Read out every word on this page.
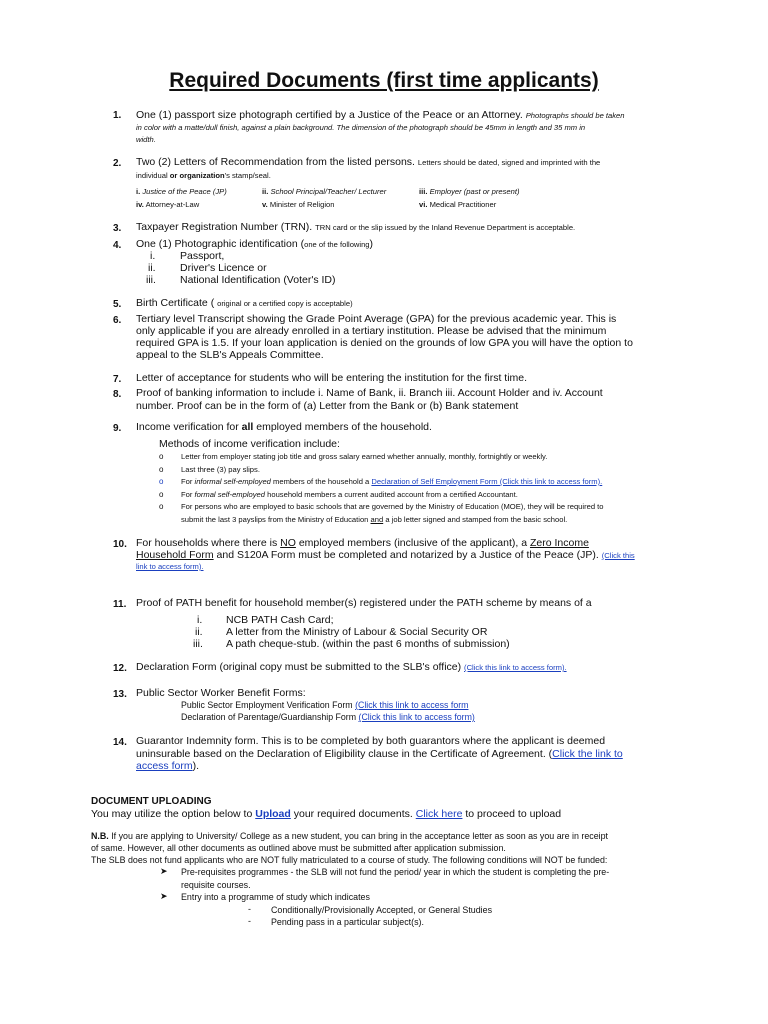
Required Documents (first time applicants)
1. One (1) passport size photograph certified by a Justice of the Peace or an Attorney. Photographs should be taken
in color with a matte/dull finish, against a plain background. The dimension of the photograph should be 45mm in length and 35 mm in
width.
2. Two (2) Letters of Recommendation from the listed persons. Letters should be dated, signed and imprinted with the
individual or organization's stamp/seal.
i. Justice of the Peace (JP)	ii. School Principal/Teacher/ Lecturer	iii. Employer (past or present)
iv. Attorney-at-Law	v. Minister of Religion	vi. Medical Practitioner
3. Taxpayer Registration Number (TRN). TRN card or the slip issued by the Inland Revenue Department is acceptable.
4. One (1) Photographic identification (one of the following)
i. Passport,
ii. Driver's Licence or
iii. National Identification (Voter's ID)
5. Birth Certificate ( original or a certified copy is acceptable)
6. Tertiary level Transcript showing the Grade Point Average (GPA) for the previous academic year. This is
only applicable if you are already enrolled in a tertiary institution. Please be advised that the minimum
required GPA is 1.5. If your loan application is denied on the grounds of low GPA you will have the option to
appeal to the SLB's Appeals Committee.
7. Letter of acceptance for students who will be entering the institution for the first time.
8. Proof of banking information to include i. Name of Bank, ii. Branch iii. Account Holder and iv. Account
number. Proof can be in the form of (a) Letter from the Bank or (b) Bank statement
9. Income verification for all employed members of the household.
Methods of income verification include:
o Letter from employer stating job title and gross salary earned whether annually, monthly, fortnightly or weekly.
o Last three (3) pay slips.
o For informal self-employed members of the household a Declaration of Self Employment Form (Click this link to access form).
o For formal self-employed household members a current audited account from a certified Accountant.
o For persons who are employed to basic schools that are governed by the Ministry of Education (MOE), they will be required to
submit the last 3 payslips from the Ministry of Education and a job letter signed and stamped from the basic school.
10. For households where there is NO employed members (inclusive of the applicant), a Zero Income
Household Form and S120A Form must be completed and notarized by a Justice of the Peace (JP). (Click this
link to access form).
11. Proof of PATH benefit for household member(s) registered under the PATH scheme by means of a
i. NCB PATH Cash Card;
ii. A letter from the Ministry of Labour & Social Security OR
iii. A path cheque-stub. (within the past 6 months of submission)
12. Declaration Form (original copy must be submitted to the SLB's office) (Click this link to access form).
13. Public Sector Worker Benefit Forms:
Public Sector Employment Verification Form (Click this link to access form
Declaration of Parentage/Guardianship Form (Click this link to access form)
14. Guarantor Indemnity form. This is to be completed by both guarantors where the applicant is deemed
uninsurable based on the Declaration of Eligibility clause in the Certificate of Agreement. (Click the link to
access form).
DOCUMENT UPLOADING
You may utilize the option below to Upload your required documents. Click here to proceed to upload
N.B. If you are applying to University/ College as a new student, you can bring in the acceptance letter as soon as you are in receipt
of same. However, all other documents as outlined above must be submitted after application submission.
The SLB does not fund applicants who are NOT fully matriculated to a course of study. The following conditions will NOT be funded:
➤ Pre-requisites programmes - the SLB will not fund the period/ year in which the student is completing the pre-
requisite courses.
➤ Entry into a programme of study which indicates
- Conditionally/Provisionally Accepted, or General Studies
- Pending pass in a particular subject(s).
